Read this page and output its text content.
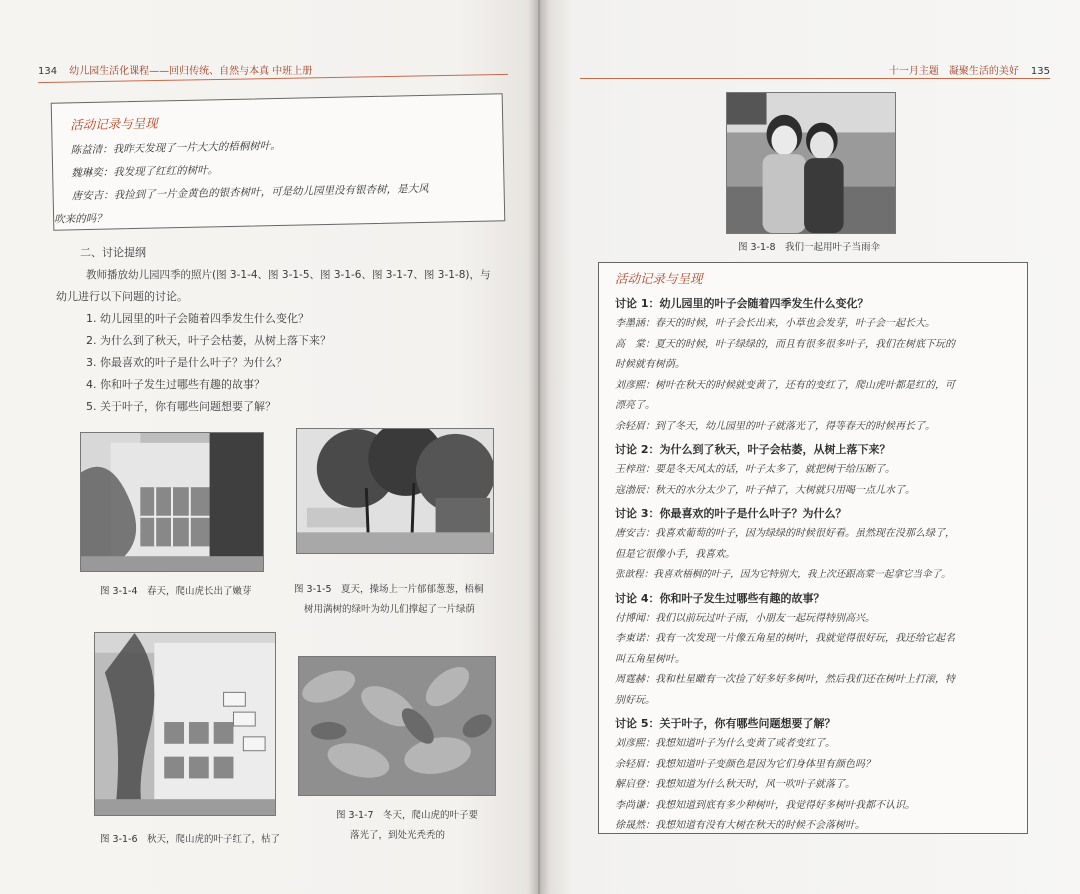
134 幼儿园生活化课程——回归传统、自然与本真 中班上册
活动记录与呈现
陈益清：我昨天发现了一片大大的梧桐树叶。
魏琳奕：我发现了红红的树叶。
唐安吉：我捡到了一片金黄色的银杏树叶，可是幼儿园里没有银杏树，是大风
吹来的吗？
二、讨论提纲
教师播放幼儿园四季的照片(图 3-1-4、图 3-1-5、图 3-1-6、图 3-1-7、图 3-1-8)，与
幼儿进行以下问题的讨论。
1. 幼儿园里的叶子会随着四季发生什么变化？
2. 为什么到了秋天，叶子会枯萎，从树上落下来？
3. 你最喜欢的叶子是什么叶子？为什么？
4. 你和叶子发生过哪些有趣的故事？
5. 关于叶子，你有哪些问题想要了解？
图 3-1-4　春天，爬山虎长出了嫩芽	图 3-1-5　夏天，操场上一片郁郁葱葱，梧桐
树用满树的绿叶为幼儿们撑起了一片绿荫
图 3-1-6　秋天，爬山虎的叶子红了，枯了
图 3-1-7　冬天，爬山虎的叶子要
落光了，到处光秃秃的
十一月主题　凝聚生活的美好 135
图 3-1-8　我们一起用叶子当雨伞
活动记录与呈现
讨论 1：幼儿园里的叶子会随着四季发生什么变化？
李墨涵：春天的时候，叶子会长出来，小草也会发芽，叶子会一起长大。
高　棠：夏天的时候，叶子绿绿的，而且有很多很多叶子，我们在树底下玩的
时候就有树荫。
刘彦熙：树叶在秋天的时候就变黄了，还有的变红了，爬山虎叶都是红的，可
漂亮了。
余轻眉：到了冬天，幼儿园里的叶子就落光了，得等春天的时候再长了。
讨论 2：为什么到了秋天，叶子会枯萎，从树上落下来？
王梓瑄：要是冬天风太的话，叶子太多了，就把树干给压断了。
寇渤辰：秋天的水分太少了，叶子掉了，大树就只用喝一点儿水了。
讨论 3：你最喜欢的叶子是什么叶子？为什么？
唐安吉：我喜欢葡萄的叶子，因为绿绿的时候很好看。虽然现在没那么绿了，
但是它很像小手，我喜欢。
张歆程：我喜欢梧桐的叶子，因为它特别大，我上次还跟高棠一起拿它当伞了。
讨论 4：你和叶子发生过哪些有趣的故事？
付博闻：我们以前玩过叶子雨，小朋友一起玩得特别高兴。
李東诺：我有一次发现一片像五角星的树叶，我就觉得很好玩，我还给它起名
叫五角星树叶。
周霆赫：我和杜星瞰有一次捡了好多好多树叶，然后我们还在树叶上打滚，特
别好玩。
讨论 5：关于叶子，你有哪些问题想要了解？
刘彦熙：我想知道叶子为什么变黄了或者变红了。
余轻眉：我想知道叶子变颜色是因为它们身体里有颜色吗？
解启登：我想知道为什么秋天时，风一吹叶子就落了。
李尚谦：我想知道到底有多少种树叶，我觉得好多树叶我都不认识。
徐晟然：我想知道有没有大树在秋天的时候不会落树叶。
